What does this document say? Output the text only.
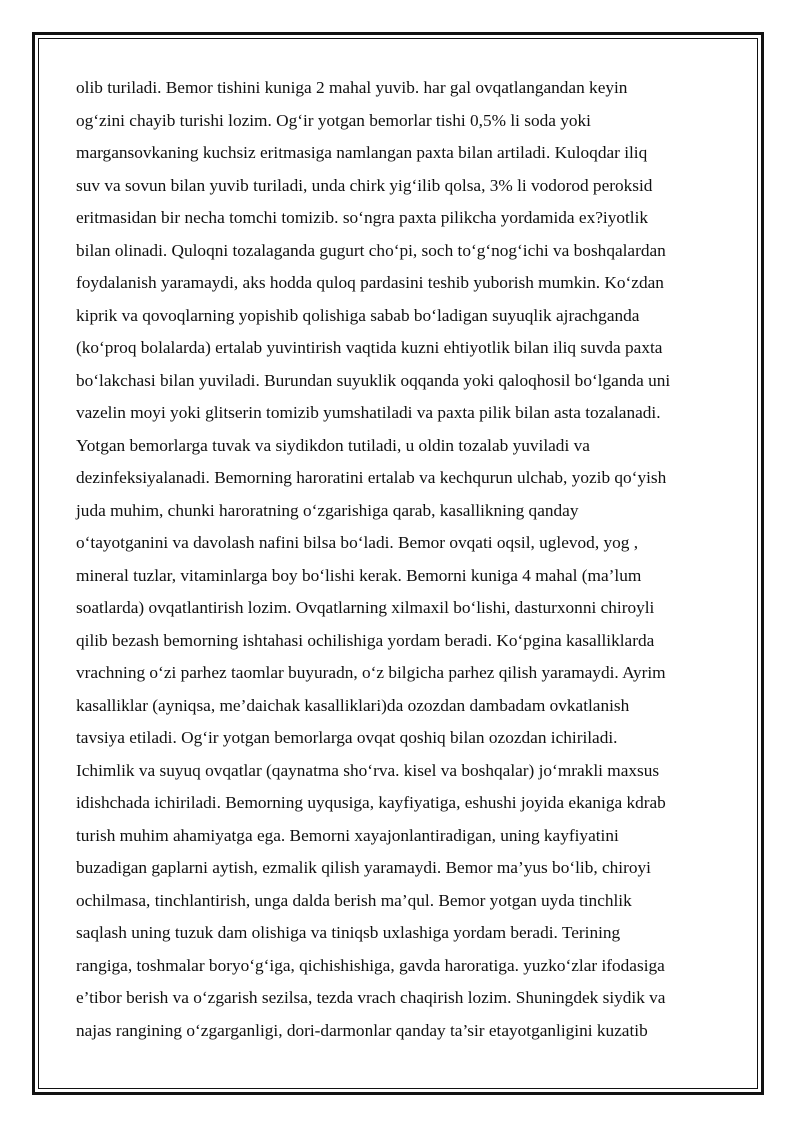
olib turiladi. Bemor tishini kuniga 2 mahal yuvib. har gal ovqatlangandan keyin
og‘zini chayib turishi lozim. Og‘ir yotgan bemorlar tishi 0,5% li soda yoki
margansovkaning kuchsiz eritmasiga namlangan paxta bilan artiladi. Kuloqdar iliq
suv va sovun bilan yuvib turiladi, unda chirk yig‘ilib qolsa, 3% li vodorod peroksid
eritmasidan bir necha tomchi tomizib. so‘ngra paxta pilikcha yordamida ex?iyotlik
bilan olinadi. Quloqni tozalaganda gugurt cho‘pi, soch to‘g‘nog‘ichi va boshqalardan
foydalanish yaramaydi, aks hodda quloq pardasini teshib yuborish mumkin. Ko‘zdan
kiprik va qovoqlarning yopishib qolishiga sabab bo‘ladigan suyuqlik ajrachganda
(ko‘proq bolalarda) ertalab yuvintirish vaqtida kuzni ehtiyotlik bilan iliq suvda paxta
bo‘lakchasi bilan yuviladi. Burundan suyuklik oqqanda yoki qaloqhosil bo‘lganda uni
vazelin moyi yoki glitserin tomizib yumshatiladi va paxta pilik bilan asta tozalanadi.
Yotgan bemorlarga tuvak va siydikdon tutiladi, u oldin tozalab yuviladi va
dezinfeksiyalanadi. Bemorning haroratini ertalab va kechqurun ulchab, yozib qo‘yish
juda muhim, chunki haroratning o‘zgarishiga qarab, kasallikning qanday
o‘tayotganini va davolash nafini bilsa bo‘ladi. Bemor ovqati oqsil, uglevod, yog ,
mineral tuzlar, vitaminlarga boy bo‘lishi kerak. Bemorni kuniga 4 mahal (ma’lum
soatlarda) ovqatlantirish lozim. Ovqatlarning xilmaxil bo‘lishi, dasturxonni chiroyli
qilib bezash bemorning ishtahasi ochilishiga yordam beradi. Ko‘pgina kasalliklarda
vrachning o‘zi parhez taomlar buyuradn, o‘z bilgicha parhez qilish yaramaydi. Ayrim
kasalliklar (ayniqsa, me’daichak kasalliklari)da ozozdan dambadam ovkatlanish
tavsiya etiladi. Og‘ir yotgan bemorlarga ovqat qoshiq bilan ozozdan ichiriladi.
Ichimlik va suyuq ovqatlar (qaynatma sho‘rva. kisel va boshqalar) jo‘mrakli maxsus
idishchada ichiriladi. Bemorning uyqusiga, kayfiyatiga, eshushi joyida ekaniga kdrab
turish muhim ahamiyatga ega. Bemorni xayajonlantiradigan, uning kayfiyatini
buzadigan gaplarni aytish, ezmalik qilish yaramaydi. Bemor ma’yus bo‘lib, chiroyi
ochilmasa, tinchlantirish, unga dalda berish ma’qul. Bemor yotgan uyda tinchlik
saqlash uning tuzuk dam olishiga va tiniqsb uxlashiga yordam beradi. Terining
rangiga, toshmalar boryo‘g‘iga, qichishishiga, gavda haroratiga. yuzko‘zlar ifodasiga
e’tibor berish va o‘zgarish sezilsa, tezda vrach chaqirish lozim. Shuningdek siydik va
najas rangining o‘zgarganligi, dori-darmonlar qanday ta’sir etayotganligini kuzatib
